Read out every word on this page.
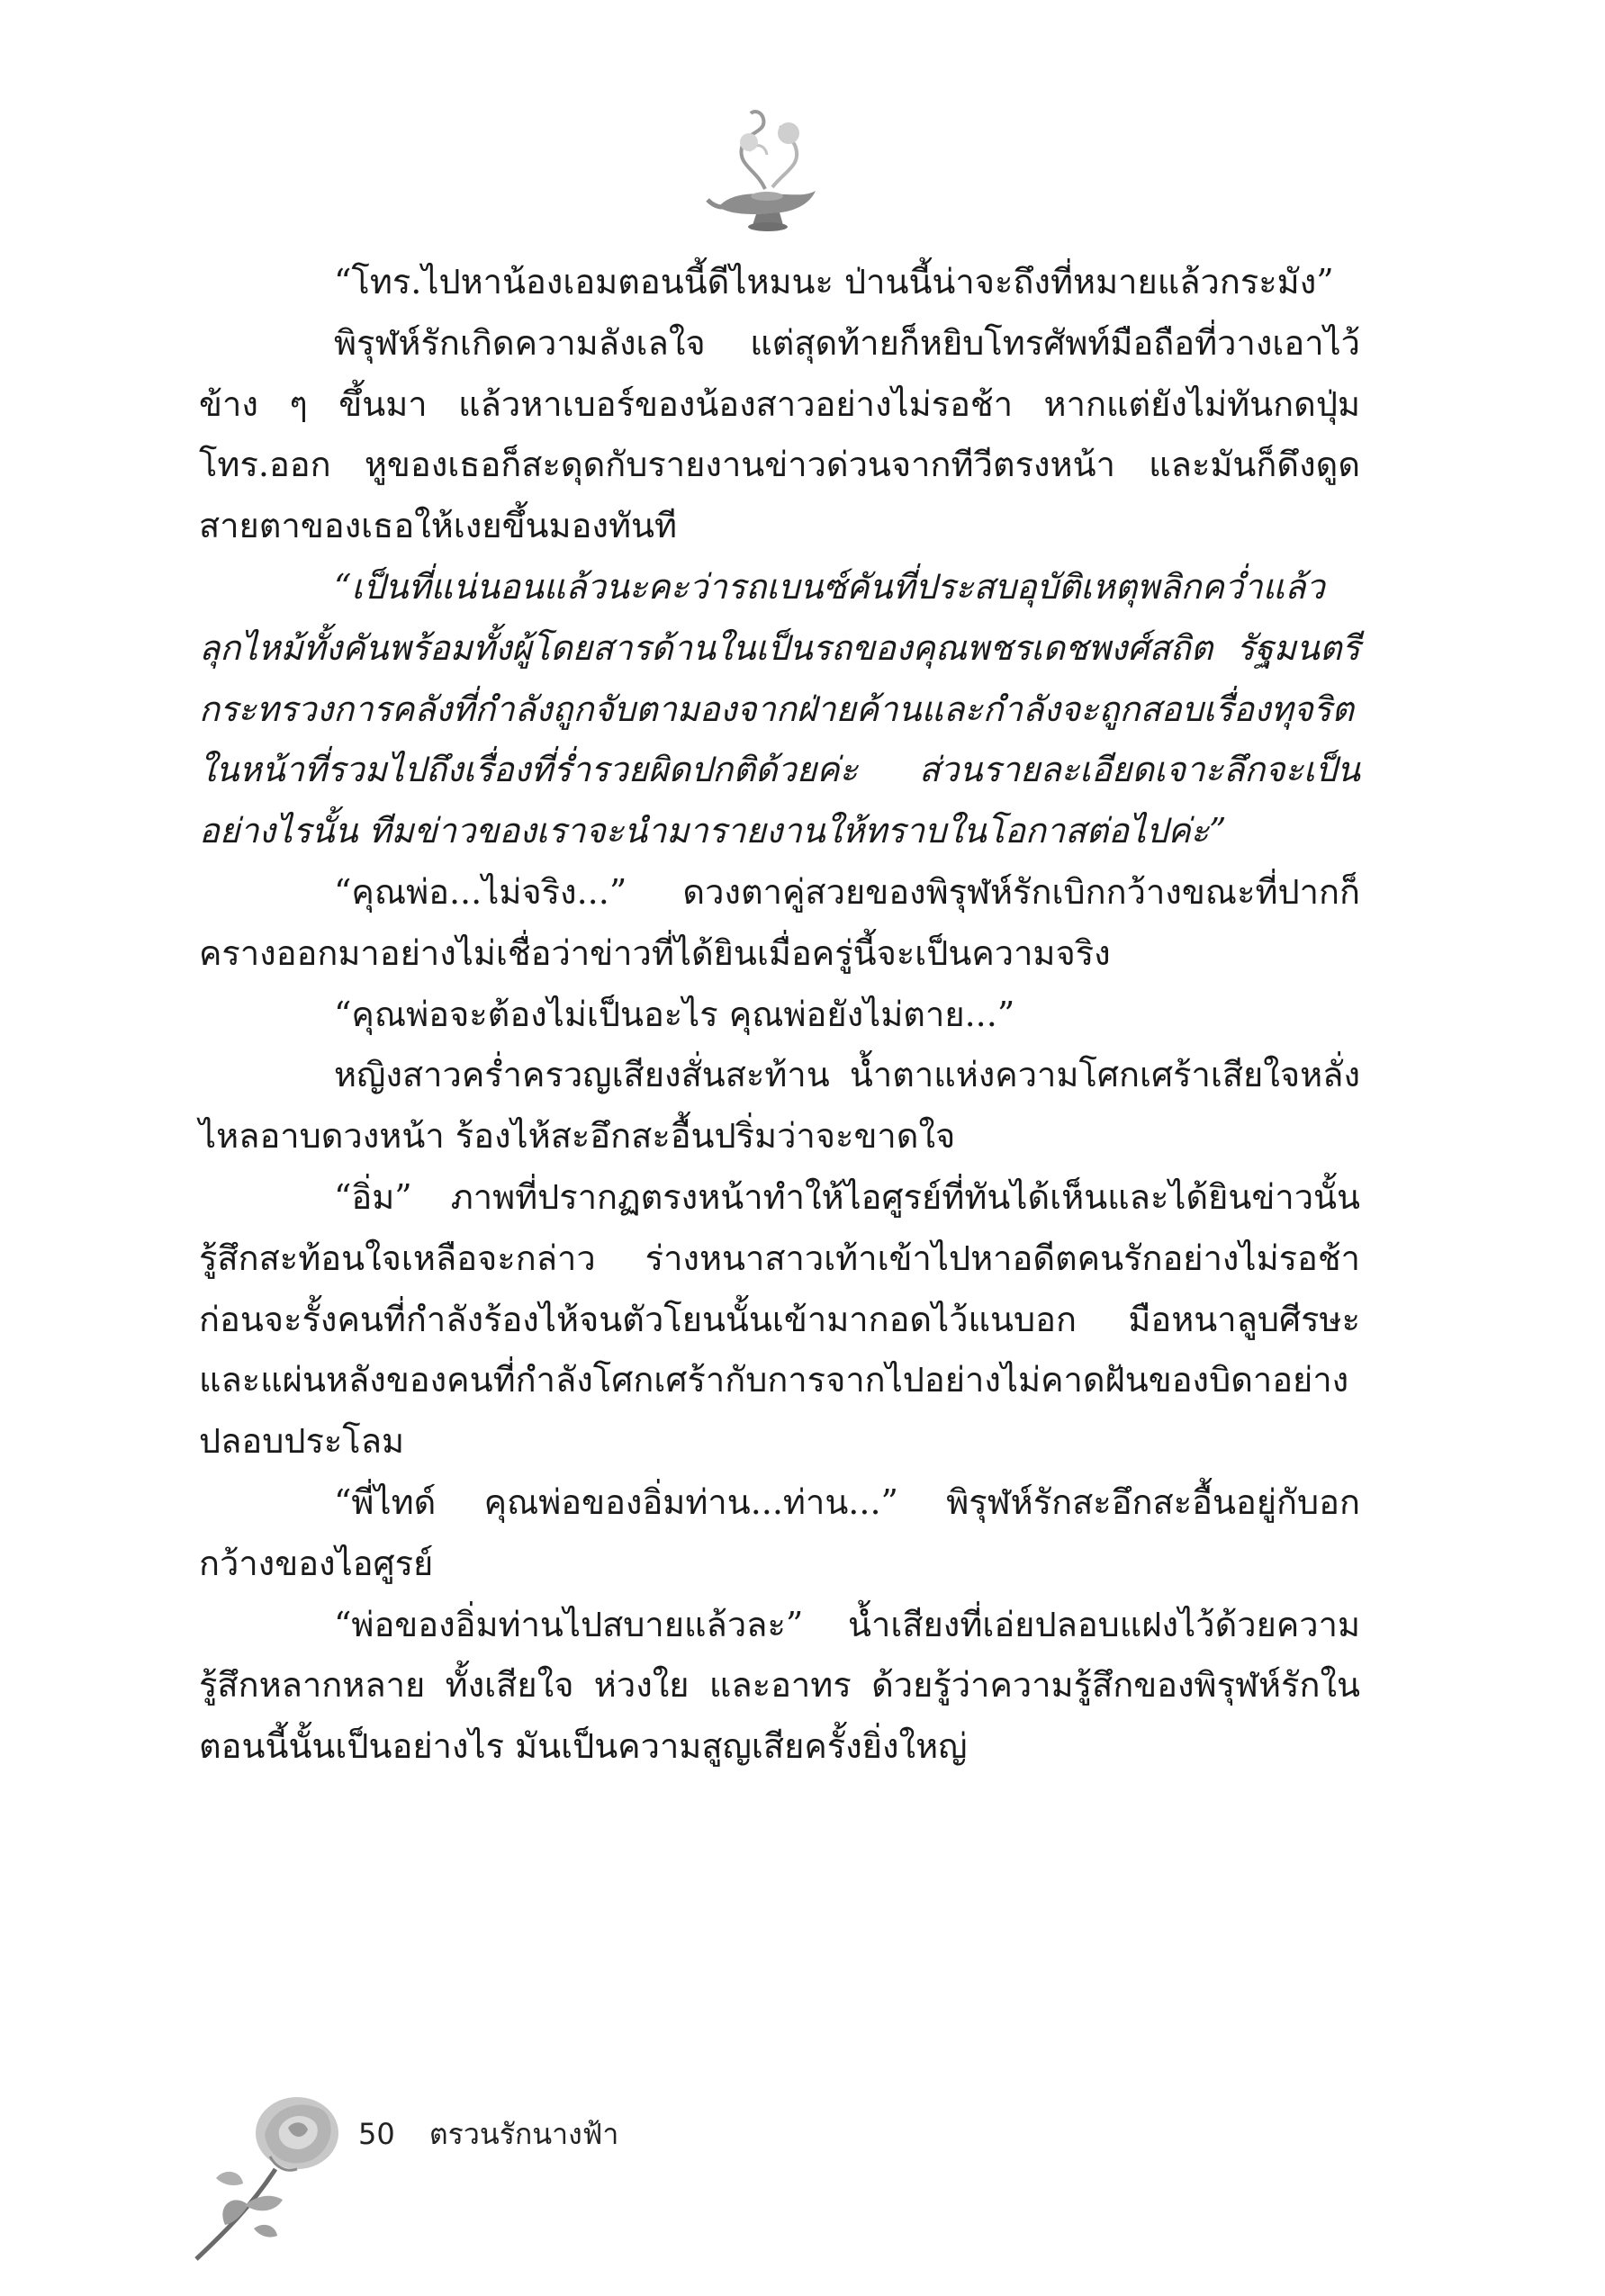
“โทร.ไปหาน้องเอมตอนนี้ดีไหมนะ ป่านนี้น่าจะถึงที่หมายแล้วกระมัง”

พิรุฬห์รักเกิดความลังเลใจ แต่สุดท้ายก็หยิบโทรศัพท์มือถือที่วางเอาไว้ข้าง ๆ ขึ้นมา แล้วหาเบอร์ของน้องสาวอย่างไม่รอช้า หากแต่ยังไม่ทันกดปุ่มโทร.ออก หูของเธอก็สะดุดกับรายงานข่าวด่วนจากทีวีตรงหน้า และมันก็ดึงดูดสายตาของเธอให้เงยขึ้นมองทันที

“เป็นที่แน่นอนแล้วนะคะว่ารถเบนซ์คันที่ประสบอุบัติเหตุพลิกคว่ำแล้วลุกไหม้ทั้งคันพร้อมทั้งผู้โดยสารด้านในเป็นรถของคุณพชรเดชพงศ์สถิต รัฐมนตรีกระทรวงการคลังที่กำลังถูกจับตามองจากฝ่ายค้านและกำลังจะถูกสอบเรื่องทุจริตในหน้าที่รวมไปถึงเรื่องที่ร่ำรวยผิดปกติด้วยค่ะ ส่วนรายละเอียดเจาะลึกจะเป็นอย่างไรนั้น ทีมข่าวของเราจะนำมารายงานให้ทราบในโอกาสต่อไปค่ะ”

“คุณพ่อ...ไม่จริง...” ดวงตาคู่สวยของพิรุฬห์รักเบิกกว้างขณะที่ปากก็ครางออกมาอย่างไม่เชื่อว่าข่าวที่ได้ยินเมื่อครู่นี้จะเป็นความจริง

“คุณพ่อจะต้องไม่เป็นอะไร คุณพ่อยังไม่ตาย...”

หญิงสาวคร่ำครวญเสียงสั่นสะท้าน น้ำตาแห่งความโศกเศร้าเสียใจหลั่งไหลอาบดวงหน้า ร้องไห้สะอึกสะอื้นปริ่มว่าจะขาดใจ

“อิ่ม” ภาพที่ปรากฏตรงหน้าทำให้ไอศูรย์ที่ทันได้เห็นและได้ยินข่าวนั้นรู้สึกสะท้อนใจเหลือจะกล่าว ร่างหนาสาวเท้าเข้าไปหาอดีตคนรักอย่างไม่รอช้า ก่อนจะรั้งคนที่กำลังร้องไห้จนตัวโยนนั้นเข้ามากอดไว้แนบอก มือหนาลูบศีรษะและแผ่นหลังของคนที่กำลังโศกเศร้ากับการจากไปอย่างไม่คาดฝันของบิดาอย่างปลอบประโลม

“พี่ไทด์ คุณพ่อของอิ่มท่าน...ท่าน...” พิรุฬห์รักสะอึกสะอื้นอยู่กับอกกว้างของไอศูรย์

“พ่อของอิ่มท่านไปสบายแล้วละ” น้ำเสียงที่เอ่ยปลอบแฝงไว้ด้วยความรู้สึกหลากหลาย ทั้งเสียใจ ห่วงใย และอาทร ด้วยรู้ว่าความรู้สึกของพิรุฬห์รักในตอนนี้นั้นเป็นอย่างไร มันเป็นความสูญเสียครั้งยิ่งใหญ่

50 ตรวนรักนางฟ้า
